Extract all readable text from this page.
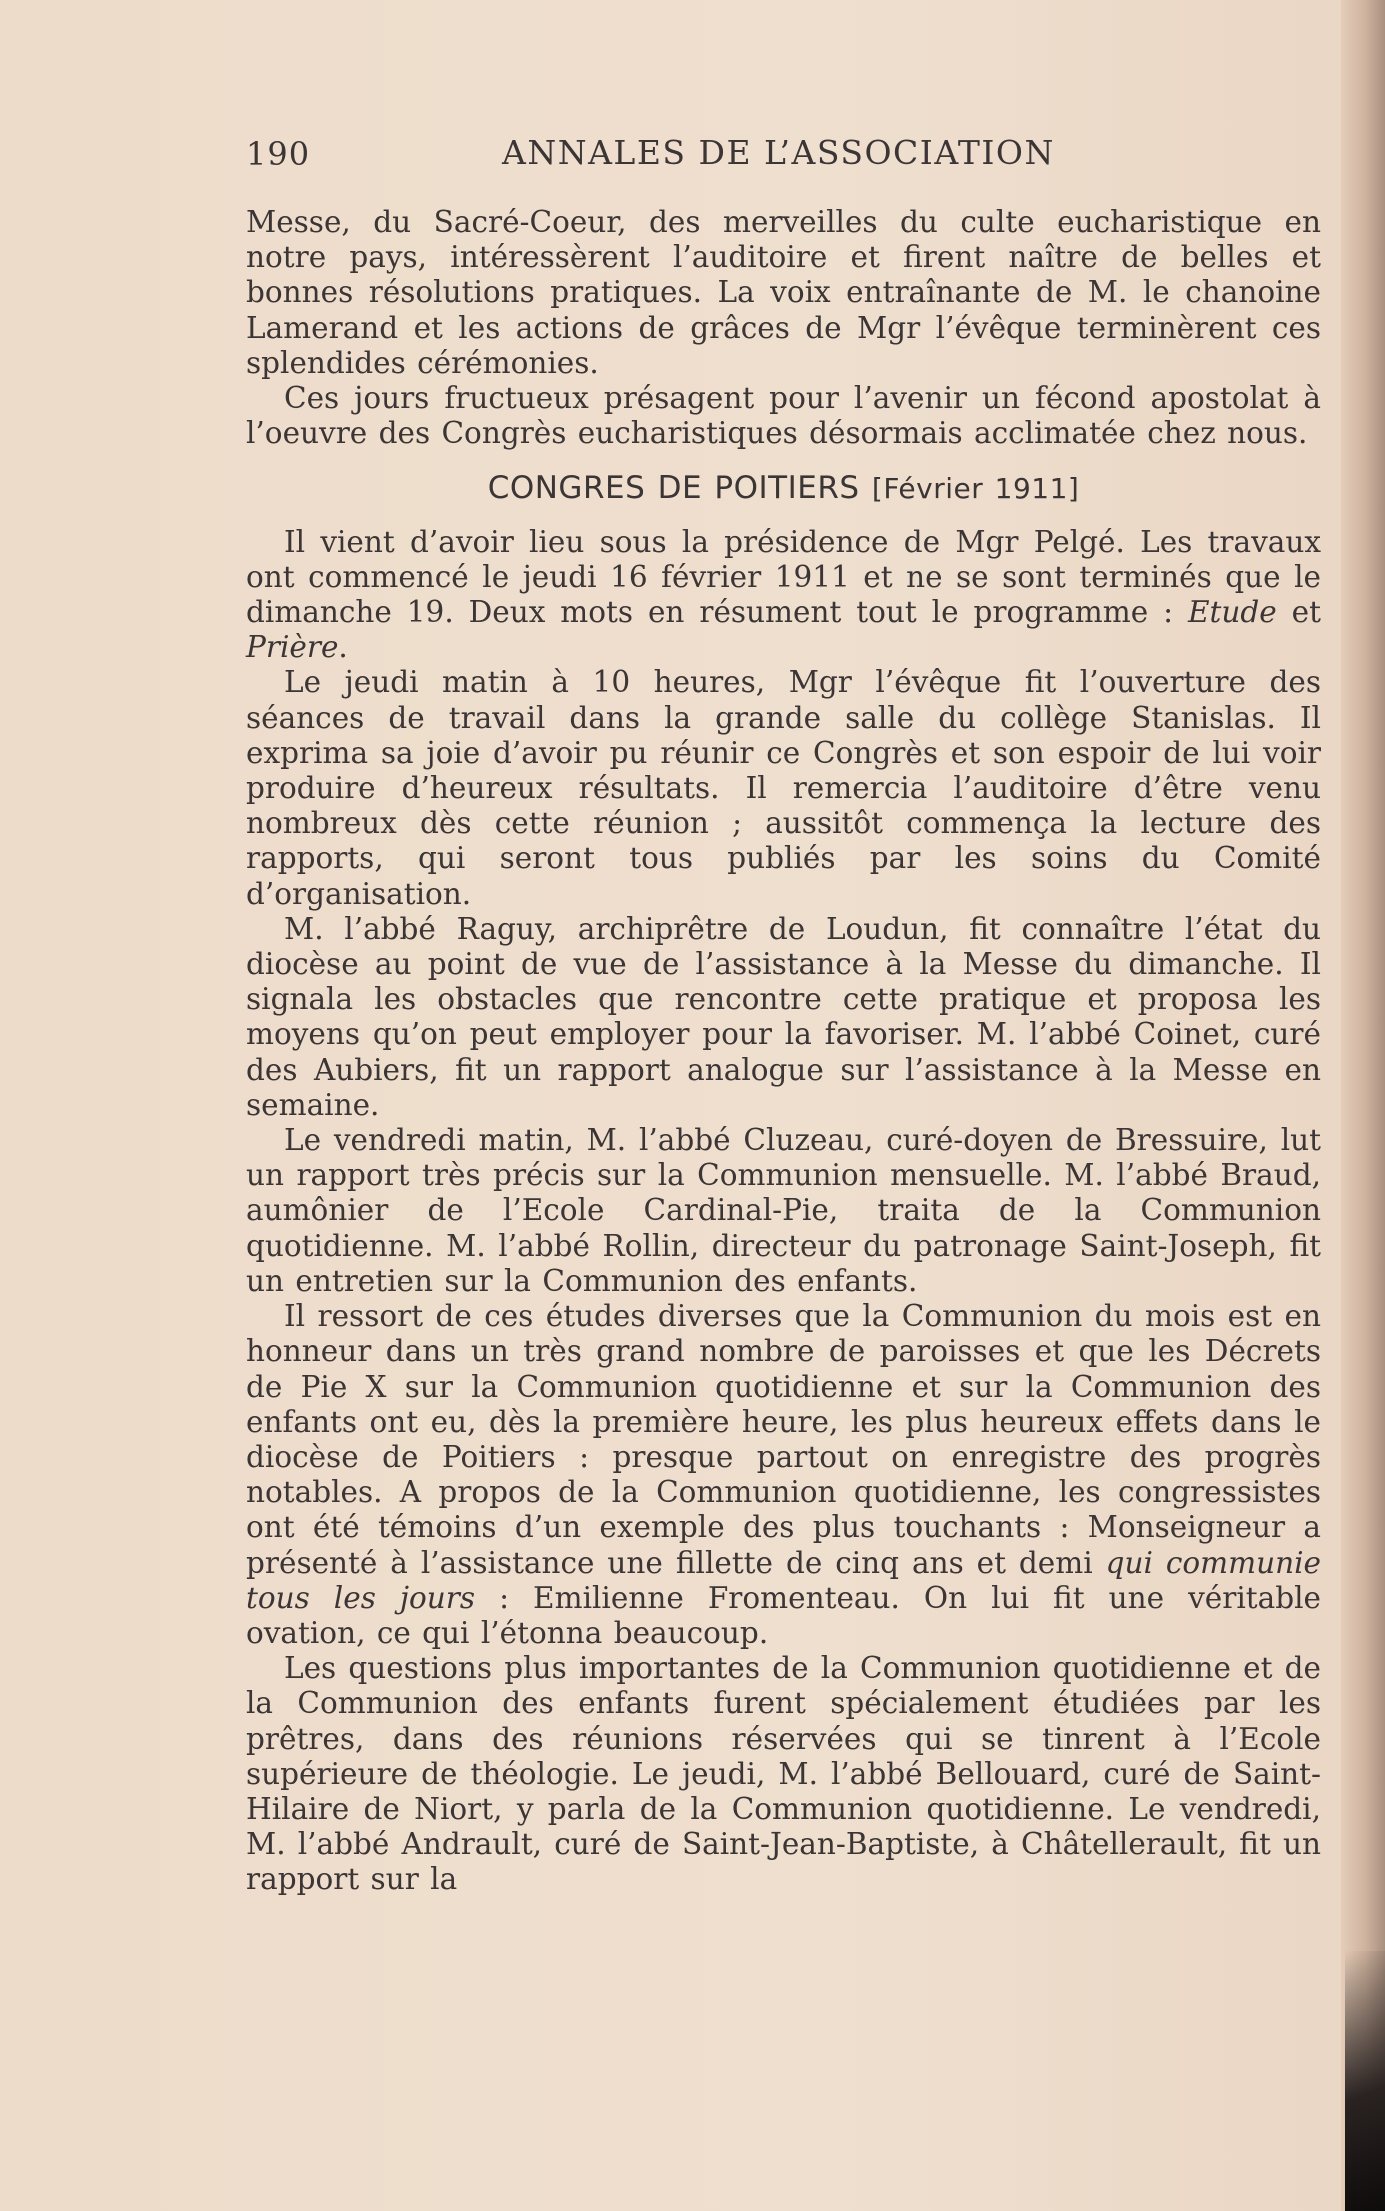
190	ANNALES DE L’ASSOCIATION

Messe, du Sacré-Coeur, des merveilles du culte eucharistique en notre pays, intéressèrent l’auditoire et firent naître de belles et bonnes résolutions pratiques. La voix entraînante de M. le chanoine Lamerand et les actions de grâces de Mgr l’évêque terminèrent ces splendides cérémonies.

Ces jours fructueux présagent pour l’avenir un fécond apostolat à l’oeuvre des Congrès eucharistiques désormais acclimatée chez nous.

CONGRES DE POITIERS [Février 1911]

Il vient d’avoir lieu sous la présidence de Mgr Pelgé. Les travaux ont commencé le jeudi 16 février 1911 et ne se sont terminés que le dimanche 19. Deux mots en résument tout le programme : Etude et Prière.

Le jeudi matin à 10 heures, Mgr l’évêque fit l’ouverture des séances de travail dans la grande salle du collège Stanislas. Il exprima sa joie d’avoir pu réunir ce Congrès et son espoir de lui voir produire d’heureux résultats. Il remercia l’auditoire d’être venu nombreux dès cette réunion ; aussitôt commença la lecture des rapports, qui seront tous publiés par les soins du Comité d’organisation.

M. l’abbé Raguy, archiprêtre de Loudun, fit connaître l’état du diocèse au point de vue de l’assistance à la Messe du dimanche. Il signala les obstacles que rencontre cette pratique et proposa les moyens qu’on peut employer pour la favoriser. M. l’abbé Coinet, curé des Aubiers, fit un rapport analogue sur l’assistance à la Messe en semaine.

Le vendredi matin, M. l’abbé Cluzeau, curé-doyen de Bressuire, lut un rapport très précis sur la Communion mensuelle. M. l’abbé Braud, aumônier de l’Ecole Cardinal-Pie, traita de la Communion quotidienne. M. l’abbé Rollin, directeur du patronage Saint-Joseph, fit un entretien sur la Communion des enfants.

Il ressort de ces études diverses que la Communion du mois est en honneur dans un très grand nombre de paroisses et que les Décrets de Pie X sur la Communion quotidienne et sur la Communion des enfants ont eu, dès la première heure, les plus heureux effets dans le diocèse de Poitiers : presque partout on enregistre des progrès notables. A propos de la Communion quotidienne, les congressistes ont été témoins d’un exemple des plus touchants : Monseigneur a présenté à l’assistance une fillette de cinq ans et demi qui communie tous les jours : Emilienne Fromenteau. On lui fit une véritable ovation, ce qui l’étonna beaucoup.

Les questions plus importantes de la Communion quotidienne et de la Communion des enfants furent spécialement étudiées par les prêtres, dans des réunions réservées qui se tinrent à l’Ecole supérieure de théologie. Le jeudi, M. l’abbé Bellouard, curé de Saint-Hilaire de Niort, y parla de la Communion quotidienne. Le vendredi, M. l’abbé Andrault, curé de Saint-Jean-Baptiste, à Châtellerault, fit un rapport sur la
